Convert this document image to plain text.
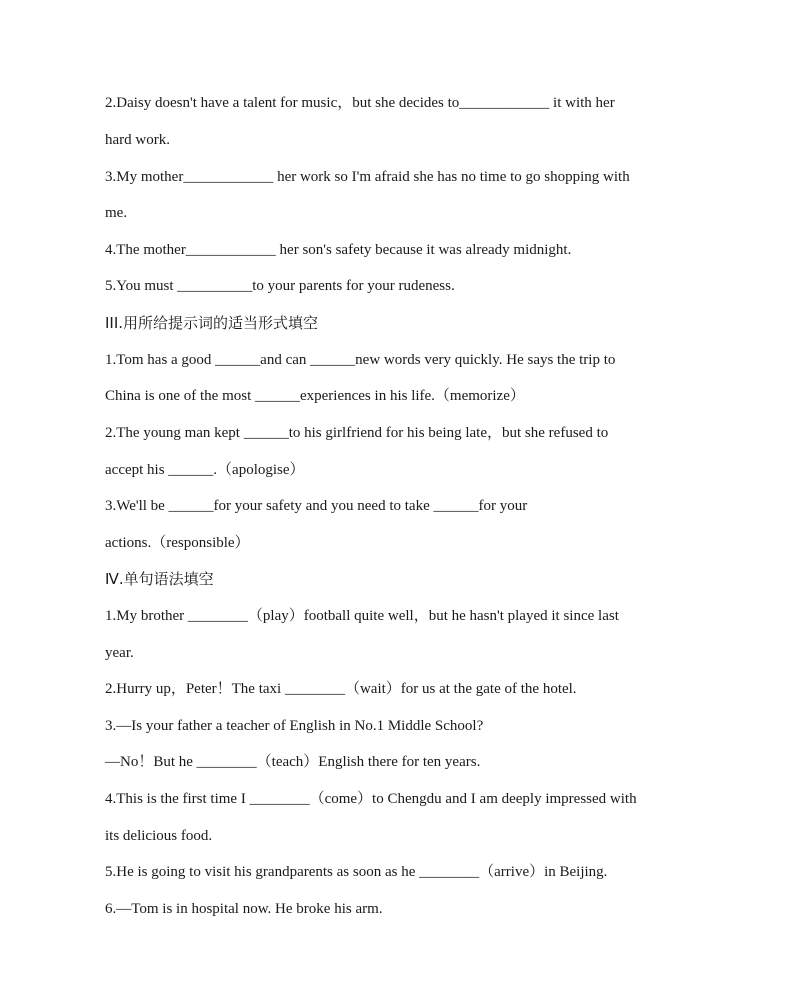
2.Daisy doesn't have a talent for music，but she decides to____________ it with her
hard work.
3.My mother____________ her work so I'm afraid she has no time to go shopping with
me.
4.The mother____________ her son's safety because it was already midnight.
5.You must __________to your parents for your rudeness.
III.用所给提示词的适当形式填空
1.Tom has a good ______and can ______new words very quickly. He says the trip to
China is one of the most ______experiences in his life.（memorize）
2.The young man kept ______to his girlfriend for his being late，but she refused to
accept his ______.（apologise）
3.We'll be ______for your safety and you need to take ______for your
actions.（responsible）
Ⅳ.单句语法填空
1.My brother ________（play）football quite well，but he hasn't played it since last
year.
2.Hurry up，Peter！The taxi ________（wait）for us at the gate of the hotel.
3.—Is your father a teacher of English in No.1 Middle School?
—No！But he ________（teach）English there for ten years.
4.This is the first time I ________（come）to Chengdu and I am deeply impressed with
its delicious food.
5.He is going to visit his grandparents as soon as he ________（arrive）in Beijing.
6.—Tom is in hospital now. He broke his arm.
